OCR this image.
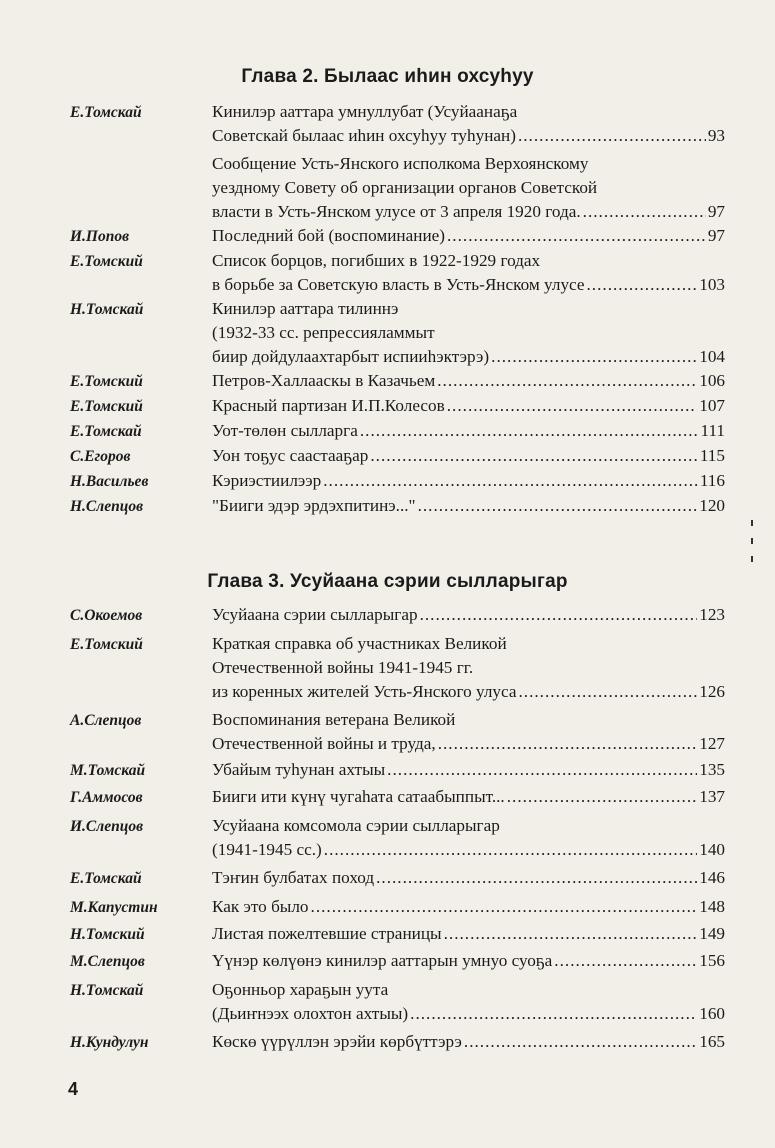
Глава 2. Былаас иһин охсуһуу
Е.Томскай	Кинилэр ааттара умнуллубат (Усуйаанаҕа
Советскай былаас иһин охсуһуу туһунан) .....	93
Сообщение Усть-Янского исполкома Верхоянскому
уездному Совету об организации органов Советской
власти в Усть-Янском улусе от 3 апреля 1920 года. .....	97
И.Попов	Последний бой (воспоминание) .....	97
Е.Томский	Список борцов, погибших в 1922-1929 годах
в борьбе за Советскую власть в Усть-Янском улусе .....	103
Н.Томскай	Кинилэр ааттара тилиннэ
(1932-33 сс. репрессияламмыт
биир дойдулаахтарбыт испииһэктэрэ) .....	104
Е.Томский	Петров-Халлааскы в Казачьем .....	106
Е.Томский	Красный партизан И.П.Колесов .....	107
Е.Томскай	Уот-төлөн сылларга .....	111
С.Егоров	Уон тоҕус саастааҕар .....	115
Н.Васильев	Кэриэстиилээр .....	116
Н.Слепцов	"Бииги эдэр эрдэхпитинэ..." .....	120
Глава 3. Усуйаана сэрии сылларыгар
С.Окоемов	Усуйаана сэрии сылларыгар .....	123
Е.Томский	Краткая справка об участниках Великой
Отечественной войны 1941-1945 гг.
из коренных жителей Усть-Янского улуса .....	126
А.Слепцов	Воспоминания ветерана Великой
Отечественной войны и труда, .....	127
М.Томскай	Убайым туһунан ахтыы .....	135
Г.Аммосов	Бииги ити күнү чугаһата сатаабыппыт... .....	137
И.Слепцов	Усуйаана комсомола сэрии сылларыгар
(1941-1945 сс.) .....	140
Е.Томскай	Тэҥин булбатах поход .....	146
М.Капустин	Как это было .....	148
Н.Томский	Листая пожелтевшие страницы .....	149
М.Слепцов	Үүнэр көлүөнэ кинилэр ааттарын умнуо суоҕа .....	156
Н.Томскай	Оҕонньор хараҕын уута
(Дьиҥнээх олохтон ахтыы) .....	160
Н.Кундулун	Көскө үүрүллэн эрэйи көрбүттэрэ .....	165
4
